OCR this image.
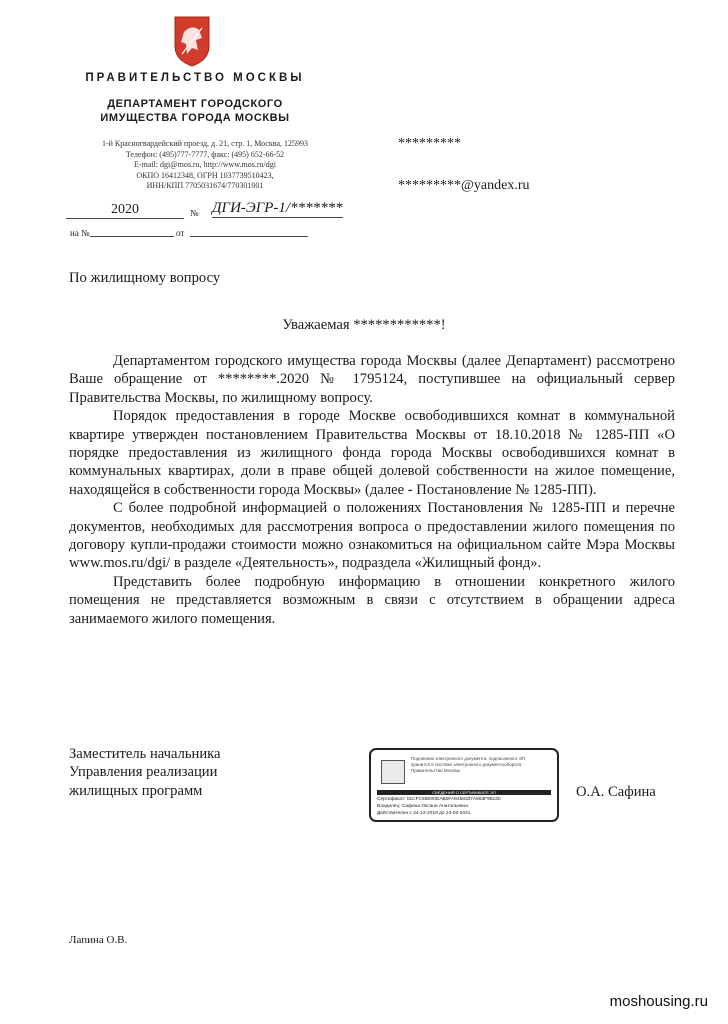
ПРАВИТЕЛЬСТВО МОСКВЫ
ДЕПАРТАМЕНТ ГОРОДСКОГО
ИМУЩЕСТВА ГОРОДА МОСКВЫ
1-й Красногвардейский проезд, д. 21, стр. 1, Москва, 125993
Телефон: (495)777-7777, факс: (495) 652-66-52
E-mail: dgi@mos.ru, http://www.mos.ru/dgi
ОКПО 16412348, ОГРН 1037739510423,
ИНН/КПП 7705031674/770301001
*********
*********@yandex.ru
2020	№ ДГИ-ЭГР-1/*******
на №	от
По жилищному вопросу
Уважаемая ************!

Департаментом городского имущества города Москвы (далее Департамент) рассмотрено Ваше обращение от ********.2020 № 1795124, поступившее на официальный сервер Правительства Москвы, по жилищному вопросу.

Порядок предоставления в городе Москве освободившихся комнат в коммунальной квартире утвержден постановлением Правительства Москвы от 18.10.2018 № 1285-ПП «О порядке предоставления из жилищного фонда города Москвы освободившихся комнат в коммунальных квартирах, доли в праве общей долевой собственности на жилое помещение, находящейся в собственности города Москвы» (далее - Постановление № 1285-ПП).

С более подробной информацией о положениях Постановления № 1285-ПП и перечне документов, необходимых для рассмотрения вопроса о предоставлении жилого помещения по договору купли-продажи стоимости можно ознакомиться на официальном сайте Мэра Москвы www.mos.ru/dgi/ в разделе «Деятельность», подраздела «Жилищный фонд».

Представить более подробную информацию в отношении конкретного жилого помещения не представляется возможным в связи с отсутствием в обращении адреса занимаемого жилого помещения.

Заместитель начальника
Управления реализации
жилищных программ
Подлинник электронного документа, подписанного ЭП,
хранится в системе электронного документооборота
Правительства Москвы
СВЕДЕНИЯ О СЕРТИФИКАТЕ ЭП
Сертификат: 01CFC68E00DAB0FA6458337A853F9523C
Владелец: Сафина Оксана Анатольевна
Действителен с 24-12-2019 до 24-03-2021
О.А. Сафина
Лапина О.В.
moshousing.ru
